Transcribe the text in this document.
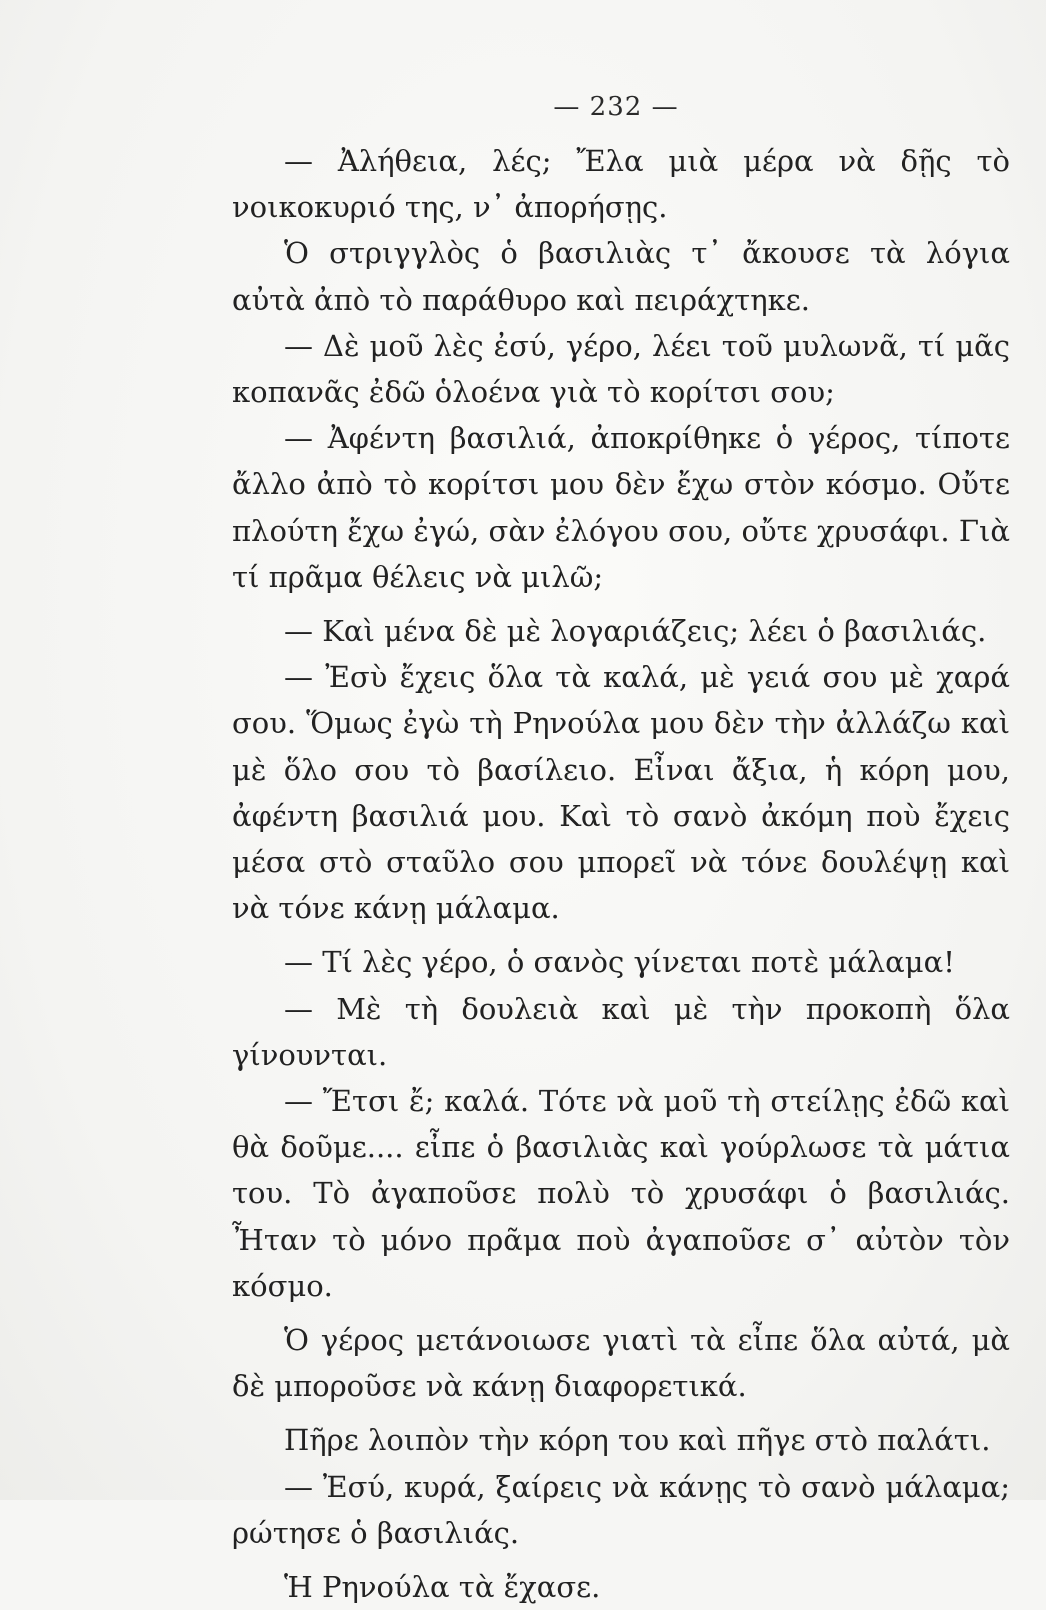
— 232 —

— Ἀλήθεια, λές; Ἔλα μιὰ μέρα νὰ δῇς τὸ νοικοκυριό της, ν᾽ ἀπορήσῃς.

Ὁ στριγγλὸς ὁ βασιλιὰς τ᾽ ἄκουσε τὰ λόγια αὐτὰ ἀπὸ τὸ παράθυρο καὶ πειράχτηκε.

— Δὲ μοῦ λὲς ἐσύ, γέρο, λέει τοῦ μυλωνᾶ, τί μᾶς κοπανᾶς ἐδῶ ὁλοένα γιὰ τὸ κορίτσι σου;

— Ἀφέντη βασιλιά, ἀποκρίθηκε ὁ γέρος, τίποτε ἄλλο ἀπὸ τὸ κορίτσι μου δὲν ἔχω στὸν κόσμο. Οὔτε πλούτη ἔχω ἐγώ, σὰν ἐλόγου σου, οὔτε χρυσάφι. Γιὰ τί πρᾶμα θέλεις νὰ μιλῶ;

— Καὶ μένα δὲ μὲ λογαριάζεις; λέει ὁ βασιλιάς.

— Ἐσὺ ἔχεις ὅλα τὰ καλά, μὲ γειά σου μὲ χαρά σου. Ὅμως ἐγὼ τὴ Ρηνούλα μου δὲν τὴν ἀλλάζω καὶ μὲ ὅλο σου τὸ βασίλειο. Εἶναι ἄξια, ἡ κόρη μου, ἀφέντη βασιλιά μου. Καὶ τὸ σανὸ ἀκόμη ποὺ ἔχεις μέσα στὸ σταῦλο σου μπορεῖ νὰ τόνε δουλέψῃ καὶ νὰ τόνε κάνῃ μάλαμα.

— Τί λὲς γέρο, ὁ σανὸς γίνεται ποτὲ μάλαμα!

— Μὲ τὴ δουλειὰ καὶ μὲ τὴν προκοπὴ ὅλα γίνουνται.

— Ἔτσι ἔ; καλά. Τότε νὰ μοῦ τὴ στείλῃς ἐδῶ καὶ θὰ δοῦμε.... εἶπε ὁ βασιλιὰς καὶ γούρλωσε τὰ μάτια του. Τὸ ἀγαποῦσε πολὺ τὸ χρυσάφι ὁ βασιλιάς. Ἦταν τὸ μόνο πρᾶμα ποὺ ἀγαποῦσε σ᾽ αὐτὸν τὸν κόσμο.

Ὁ γέρος μετάνοιωσε γιατὶ τὰ εἶπε ὅλα αὐτά, μὰ δὲ μποροῦσε νὰ κάνῃ διαφορετικά.

Πῆρε λοιπὸν τὴν κόρη του καὶ πῆγε στὸ παλάτι.

— Ἐσύ, κυρά, ξαίρεις νὰ κάνῃς τὸ σανὸ μάλαμα; ρώτησε ὁ βασιλιάς.

Ἡ Ρηνούλα τὰ ἔχασε.
